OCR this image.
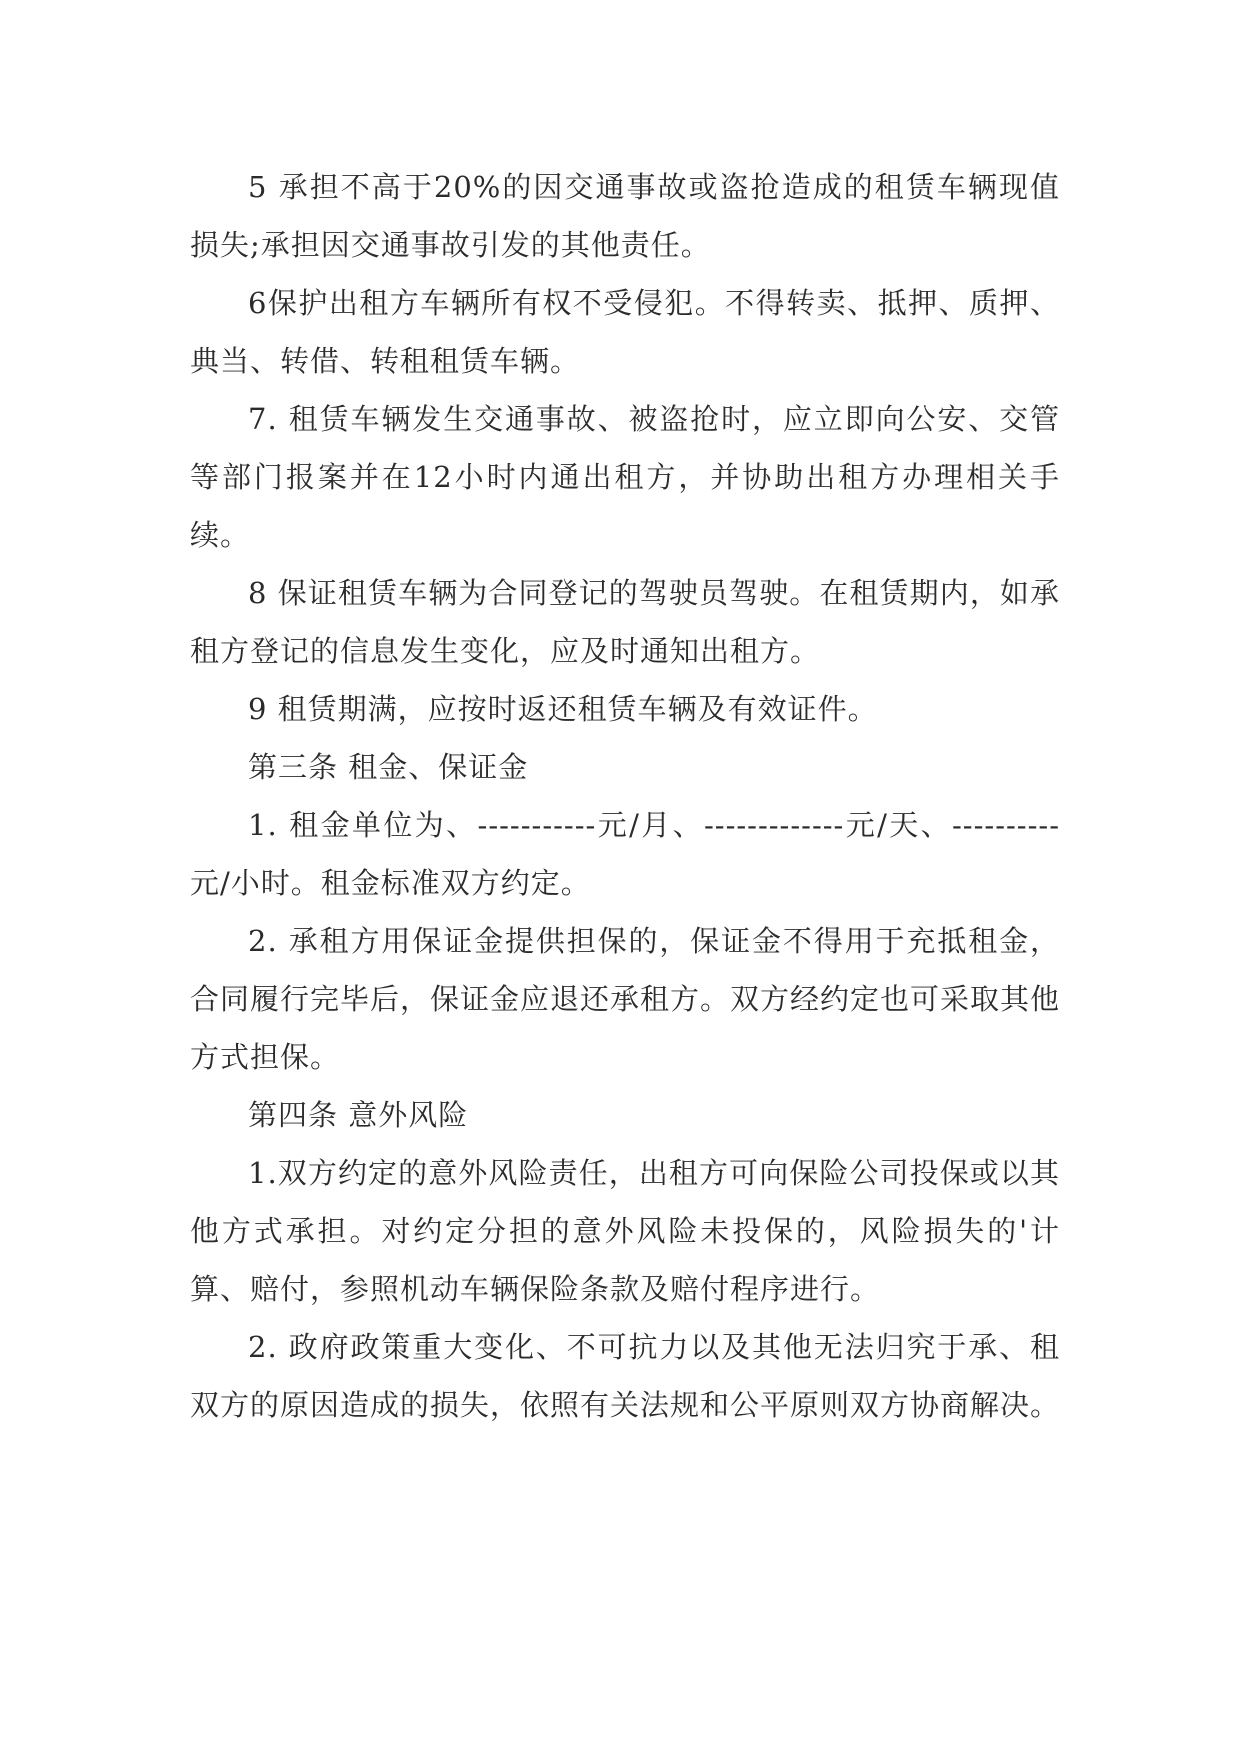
5 承担不高于20%的因交通事故或盗抢造成的租赁车辆现值损失;承担因交通事故引发的其他责任。

6保护出租方车辆所有权不受侵犯。不得转卖、抵押、质押、典当、转借、转租租赁车辆。

7. 租赁车辆发生交通事故、被盗抢时，应立即向公安、交管等部门报案并在12小时内通出租方，并协助出租方办理相关手续。

8 保证租赁车辆为合同登记的驾驶员驾驶。在租赁期内，如承租方登记的信息发生变化，应及时通知出租方。

9 租赁期满，应按时返还租赁车辆及有效证件。

第三条 租金、保证金

1. 租金单位为、-----------元/月、-------------元/天、----------元/小时。租金标准双方约定。

2. 承租方用保证金提供担保的，保证金不得用于充抵租金，合同履行完毕后，保证金应退还承租方。双方经约定也可采取其他方式担保。

第四条 意外风险

1.双方约定的意外风险责任，出租方可向保险公司投保或以其他方式承担。对约定分担的意外风险未投保的，风险损失的'计算、赔付，参照机动车辆保险条款及赔付程序进行。

2. 政府政策重大变化、不可抗力以及其他无法归究于承、租双方的原因造成的损失，依照有关法规和公平原则双方协商解决。
